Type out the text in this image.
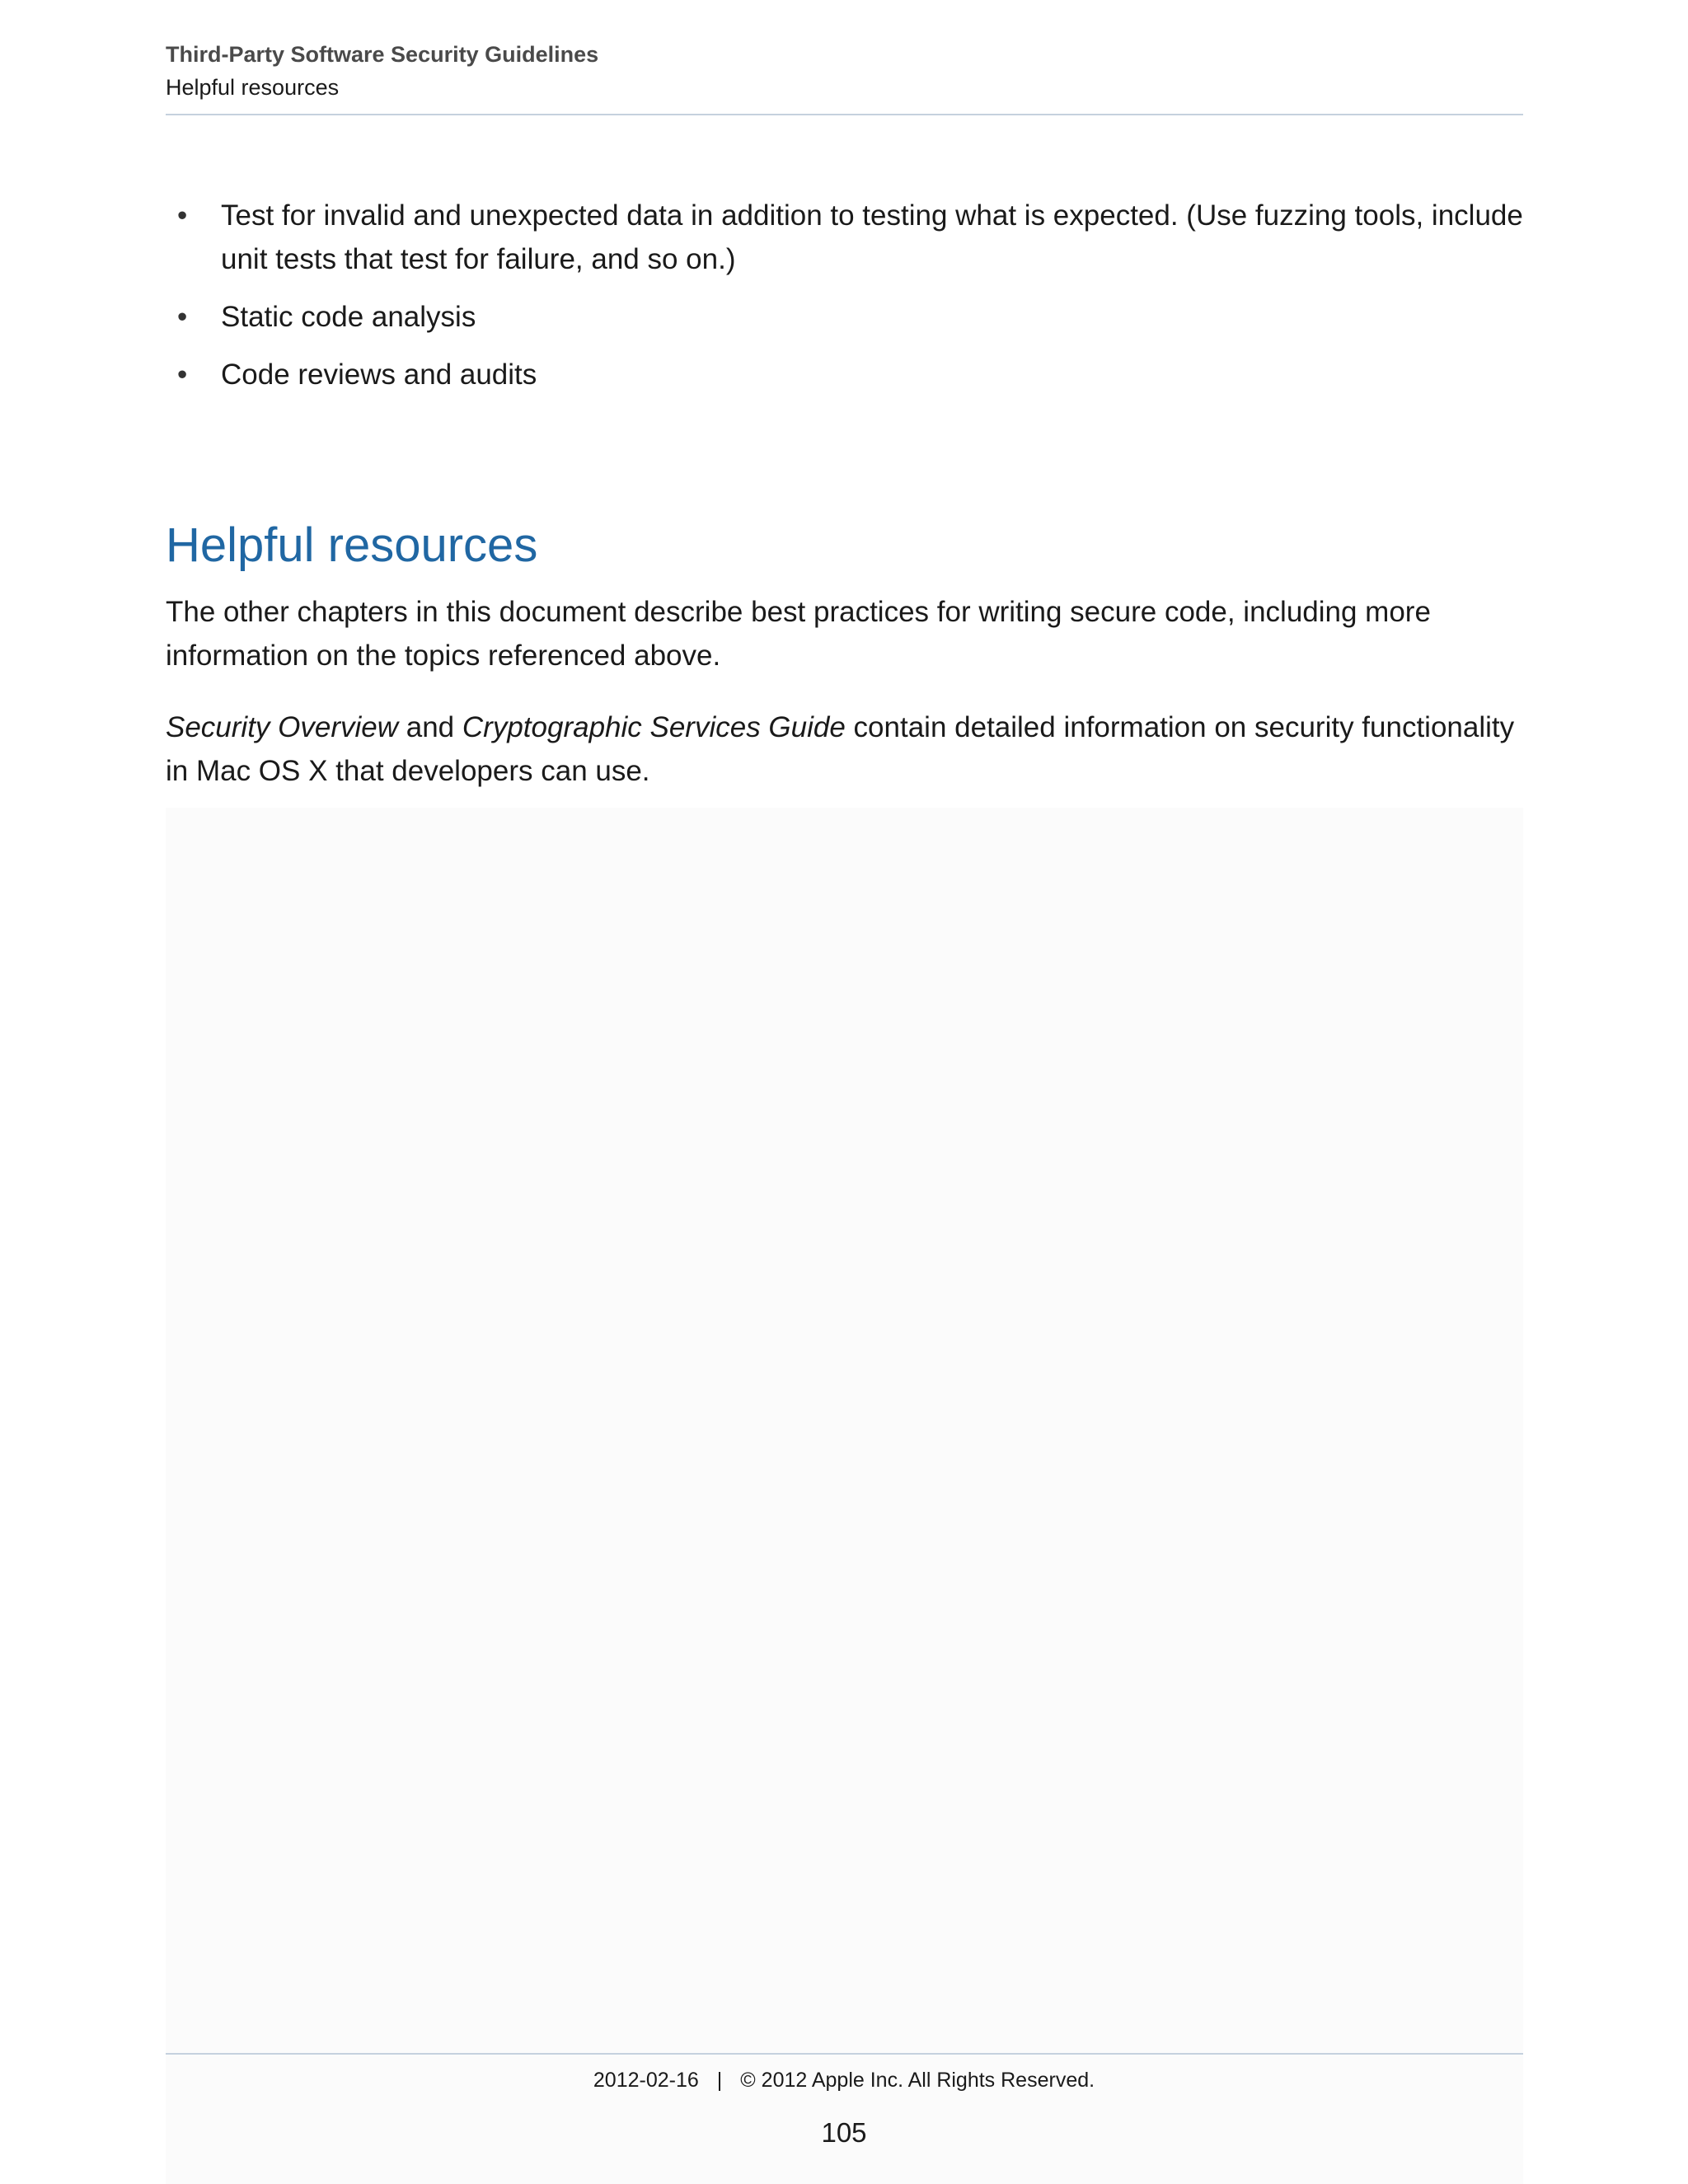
Third-Party Software Security Guidelines
Helpful resources
• Test for invalid and unexpected data in addition to testing what is expected. (Use fuzzing tools, include unit tests that test for failure, and so on.)
• Static code analysis
• Code reviews and audits
Helpful resources

The other chapters in this document describe best practices for writing secure code, including more information on the topics referenced above.

Security Overview and Cryptographic Services Guide contain detailed information on security functionality in Mac OS X that developers can use.

2012-02-16 | © 2012 Apple Inc. All Rights Reserved.
105
